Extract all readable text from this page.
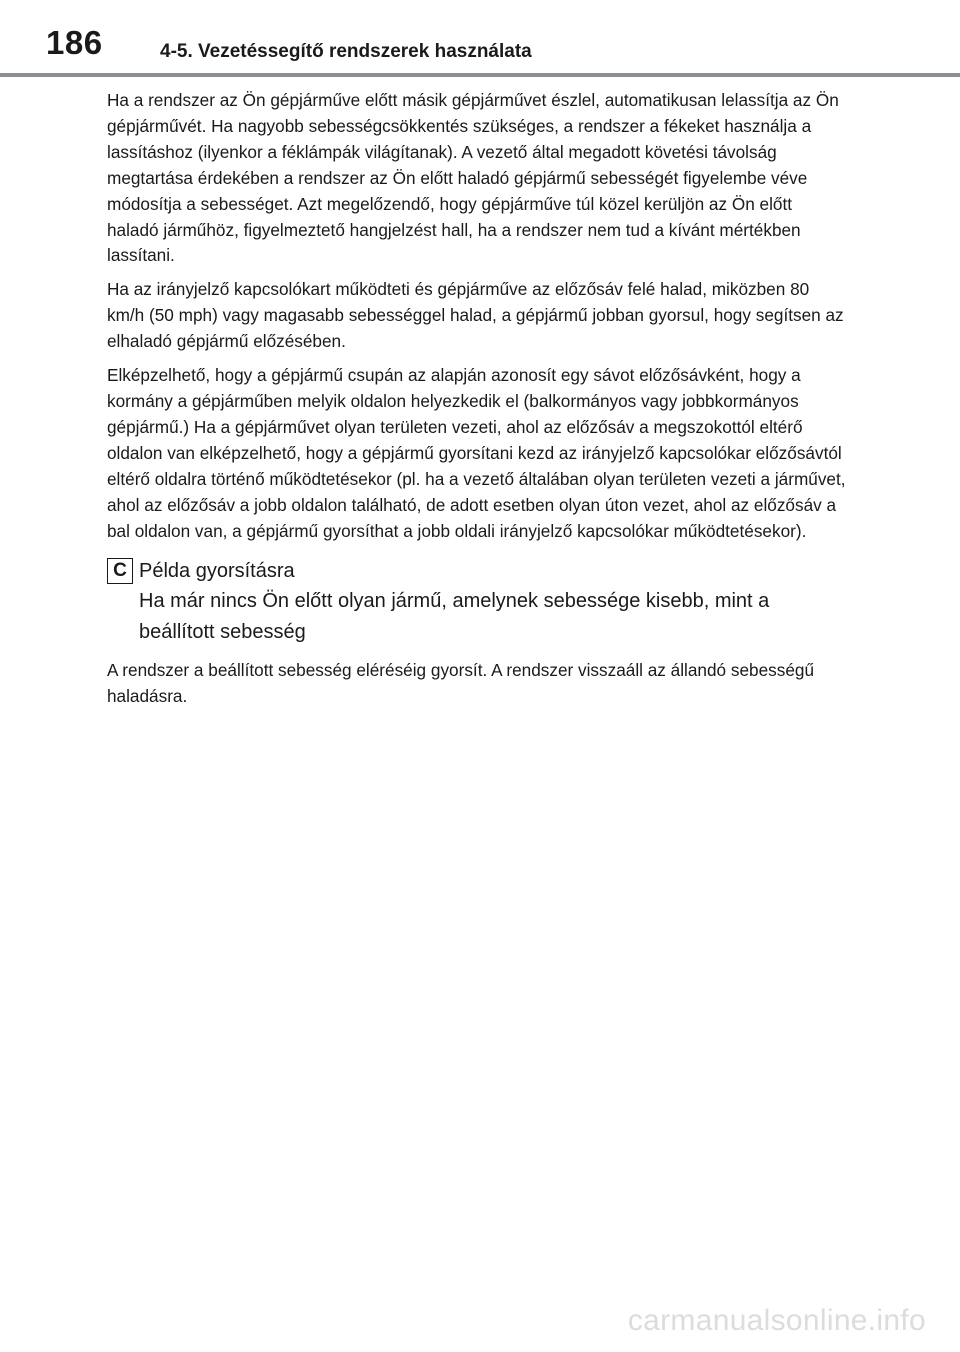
186	4-5. Vezetéssegítő rendszerek használata

Ha a rendszer az Ön gépjárműve előtt másik gépjárművet észlel, automatikusan lelassítja az Ön gépjárművét. Ha nagyobb sebességcsökkentés szükséges, a rendszer a fékeket használja a lassításhoz (ilyenkor a féklámpák világítanak). A vezető által megadott követési távolság megtartása érdekében a rendszer az Ön előtt haladó gépjármű sebességét figyelembe véve módosítja a sebességet. Azt megelőzendő, hogy gépjárműve túl közel kerüljön az Ön előtt haladó járműhöz, figyelmeztető hangjelzést hall, ha a rendszer nem tud a kívánt mértékben lassítani.

Ha az irányjelző kapcsolókart működteti és gépjárműve az előzősáv felé halad, miközben 80 km/h (50 mph) vagy magasabb sebességgel halad, a gépjármű jobban gyorsul, hogy segítsen az elhaladó gépjármű előzésében.

Elképzelhető, hogy a gépjármű csupán az alapján azonosít egy sávot előzősávként, hogy a kormány a gépjárműben melyik oldalon helyezkedik el (balkormányos vagy jobbkormányos gépjármű.) Ha a gépjárművet olyan területen vezeti, ahol az előzősáv a megszokottól eltérő oldalon van elképzelhető, hogy a gépjármű gyorsítani kezd az irányjelző kapcsolókar előzősávtól eltérő oldalra történő működtetésekor (pl. ha a vezető általában olyan területen vezeti a járművet, ahol az előzősáv a jobb oldalon található, de adott esetben olyan úton vezet, ahol az előzősáv a bal oldalon van, a gépjármű gyorsíthat a jobb oldali irányjelző kapcsolókar működtetésekor).

C Példa gyorsításra

Ha már nincs Ön előtt olyan jármű, amelynek sebessége kisebb, mint a beállított sebesség

A rendszer a beállított sebesség eléréséig gyorsít. A rendszer visszaáll az állandó sebességű haladásra.

carmanualsonline.info
